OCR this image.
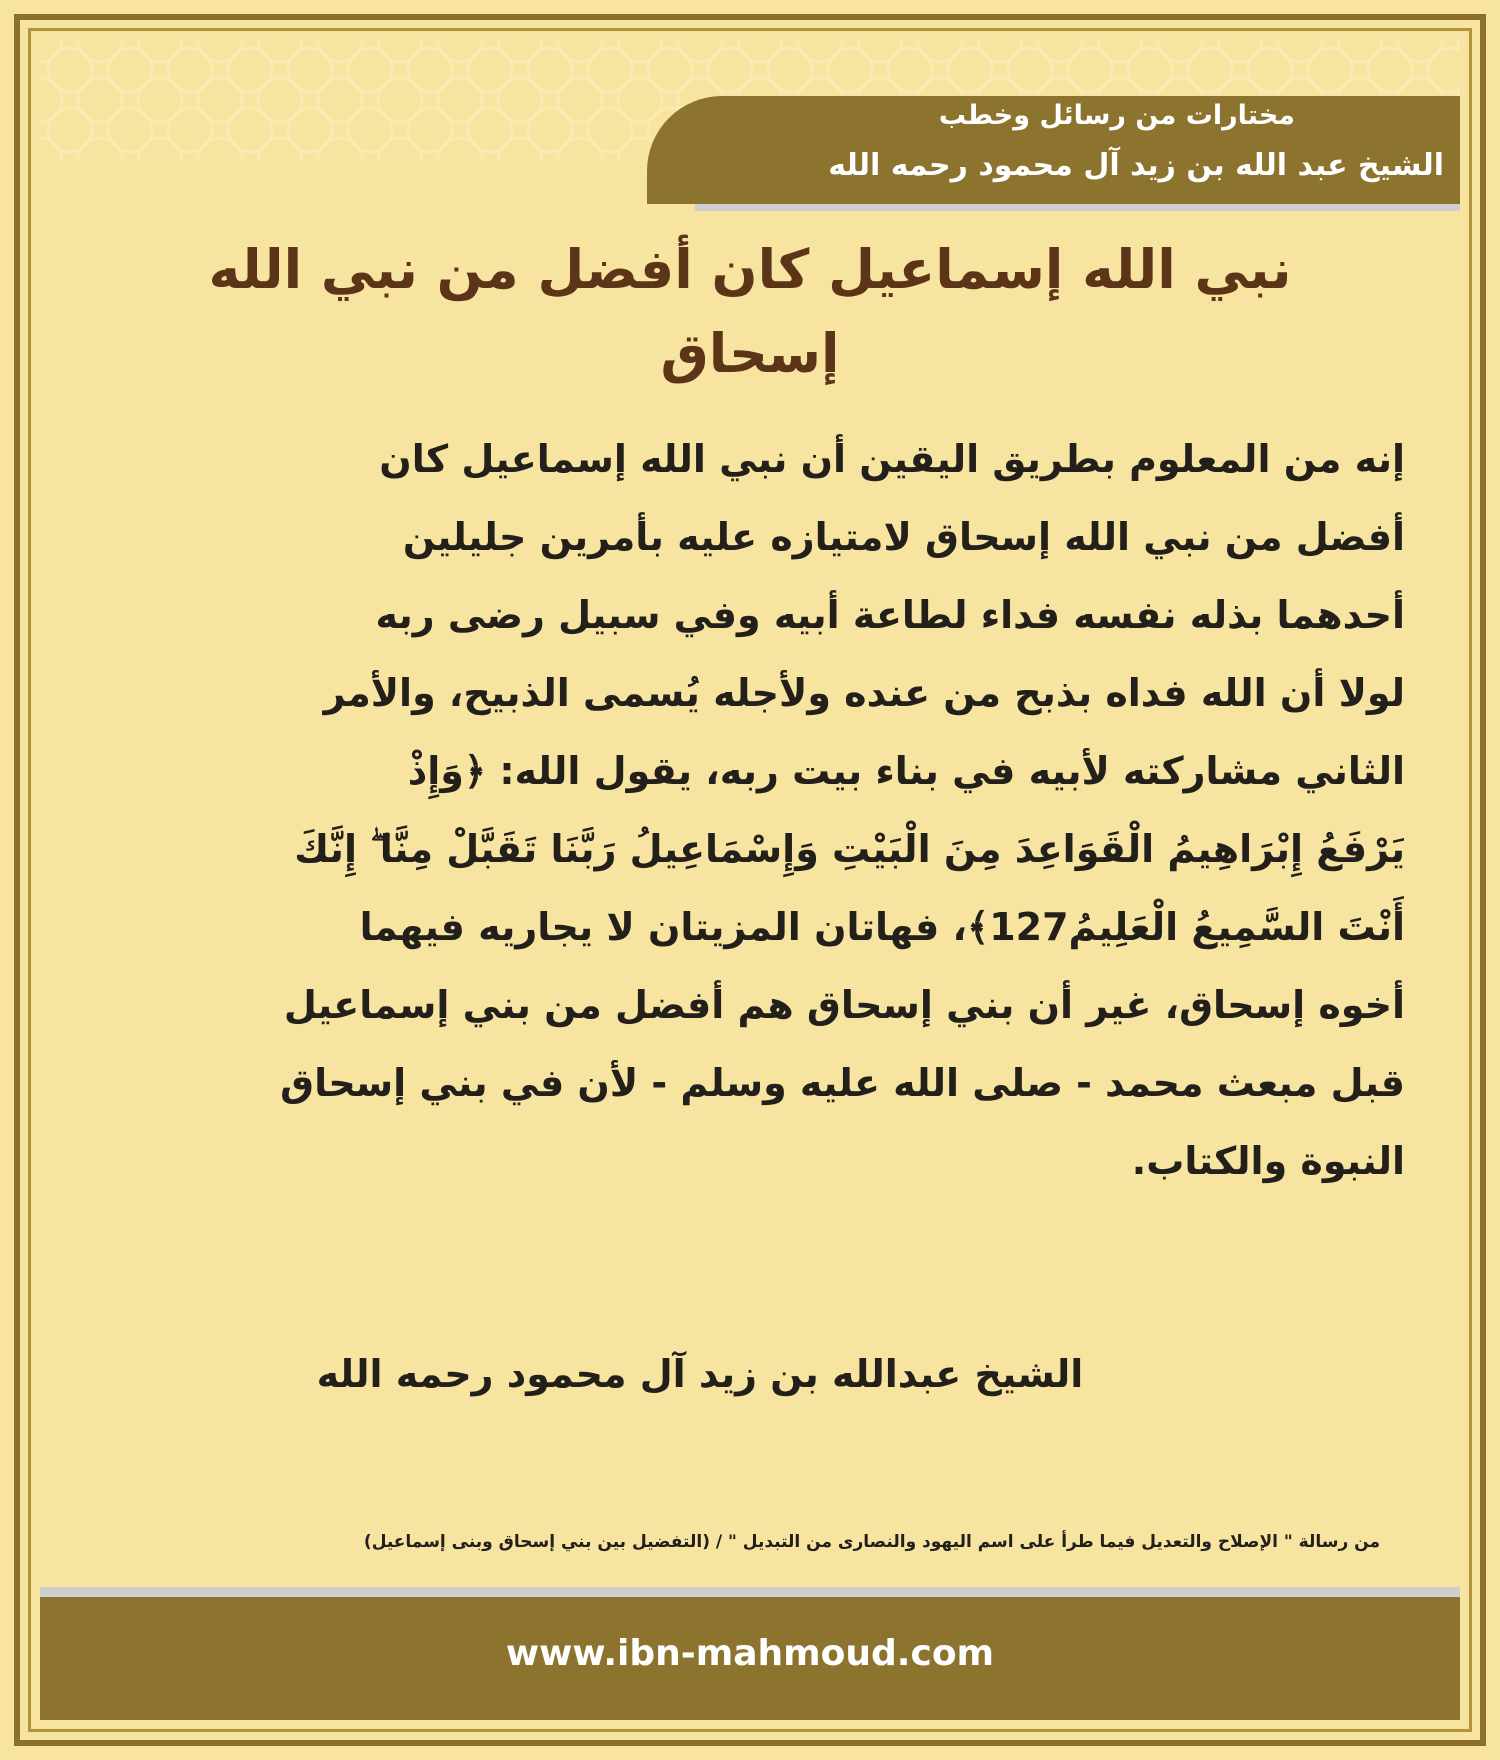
مختارات من رسائل وخطب
الشيخ عبد الله بن زيد آل محمود رحمه الله
نبي الله إسماعيل كان أفضل من نبي الله
إسحاق
إنه من المعلوم بطريق اليقين أن نبي الله إسماعيل كان
أفضل من نبي الله إسحاق لامتيازه عليه بأمرين جليلين
أحدهما بذله نفسه فداء لطاعة أبيه وفي سبيل رضى ربه
لولا أن الله فداه بذبح من عنده ولأجله يُسمى الذبيح، والأمر
الثاني مشاركته لأبيه في بناء بيت ربه، يقول الله: ﴿وَإِذْ
يَرْفَعُ إِبْرَاهِيمُ الْقَوَاعِدَ مِنَ الْبَيْتِ وَإِسْمَاعِيلُ رَبَّنَا تَقَبَّلْ مِنَّا ۖ إِنَّكَ
أَنْتَ السَّمِيعُ الْعَلِيمُ127﴾، فهاتان المزيتان لا يجاريه فيهما
أخوه إسحاق، غير أن بني إسحاق هم أفضل من بني إسماعيل
قبل مبعث محمد - صلى الله عليه وسلم - لأن في بني إسحاق
النبوة والكتاب.
الشيخ عبدالله بن زيد آل محمود رحمه الله
من رسالة " الإصلاح والتعديل فيما طرأ على اسم اليهود والنصارى من التبديل " / (التفضيل بين بني إسحاق وبنى إسماعيل)
www.ibn-mahmoud.com
